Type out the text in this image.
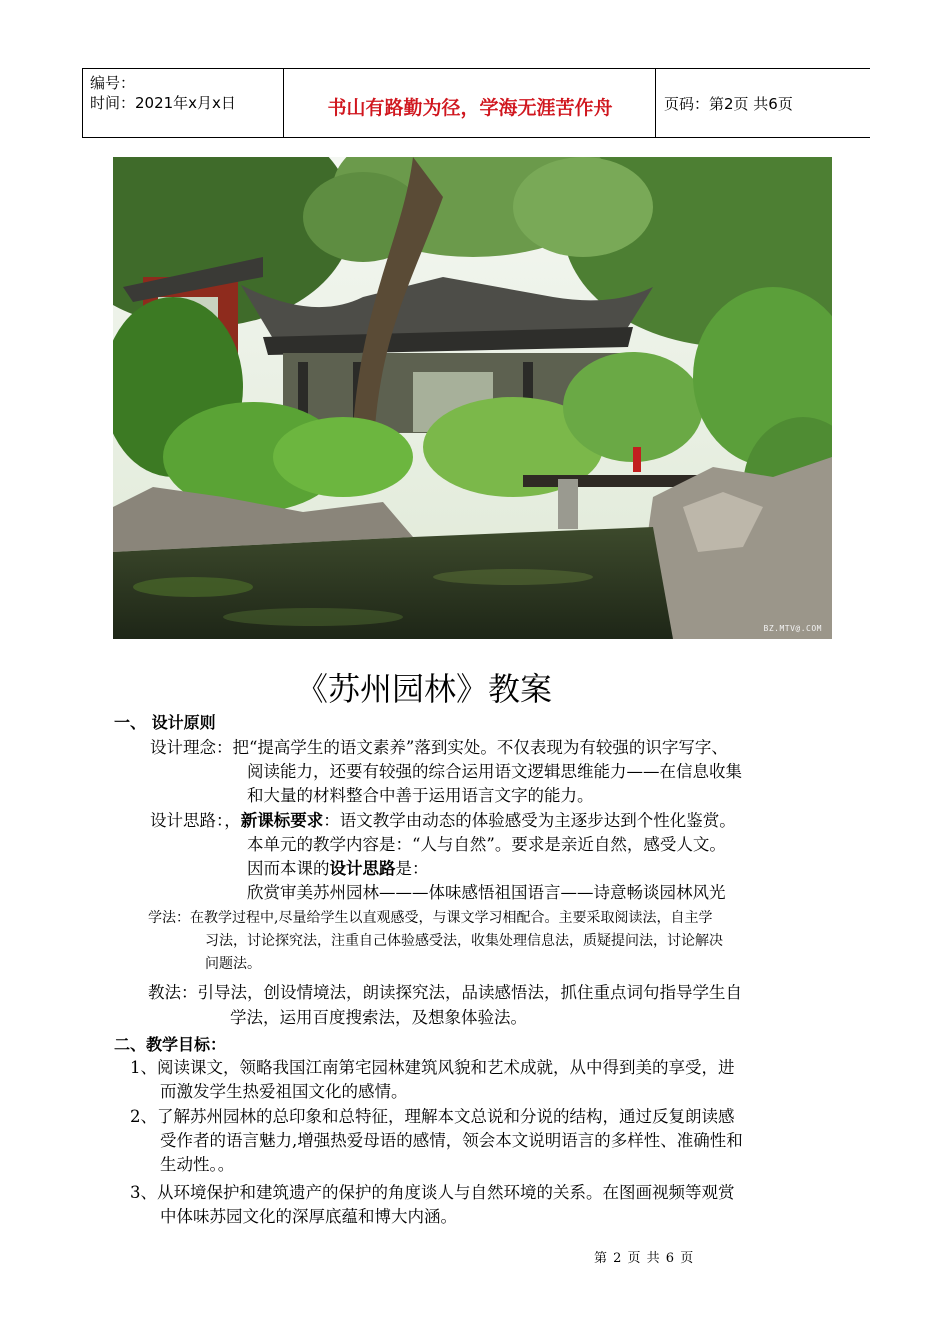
编号：
时间：2021年x月x日	书山有路勤为径，学海无涯苦作舟	页码：第2页 共6页
BZ.MTV@.COM
《苏州园林》教案
一、 设计原则
设计理念：把“提高学生的语文素养”落到实处。不仅表现为有较强的识字写字、
阅读能力，还要有较强的综合运用语文逻辑思维能力——在信息收集
和大量的材料整合中善于运用语言文字的能力。
设计思路：，新课标要求：语文教学由动态的体验感受为主逐步达到个性化鉴赏。
本单元的教学内容是：“人与自然”。要求是亲近自然，感受人文。
因而本课的设计思路是：
欣赏审美苏州园林———体味感悟祖国语言——诗意畅谈园林风光
学法：在教学过程中,尽量给学生以直观感受，与课文学习相配合。主要采取阅读法，自主学
习法，讨论探究法，注重自己体验感受法，收集处理信息法，质疑提问法，讨论解决
问题法。
教法：引导法，创设情境法，朗读探究法，品读感悟法，抓住重点词句指导学生自
学法，运用百度搜索法，及想象体验法。
二、教学目标：
1、阅读课文，领略我国江南第宅园林建筑风貌和艺术成就，从中得到美的享受，进
而激发学生热爱祖国文化的感情。
2、了解苏州园林的总印象和总特征，理解本文总说和分说的结构，通过反复朗读感
受作者的语言魅力,增强热爱母语的感情，领会本文说明语言的多样性、准确性和
生动性。。
3、从环境保护和建筑遗产的保护的角度谈人与自然环境的关系。在图画视频等观赏
中体味苏园文化的深厚底蕴和博大内涵。
第 2 页 共 6 页
